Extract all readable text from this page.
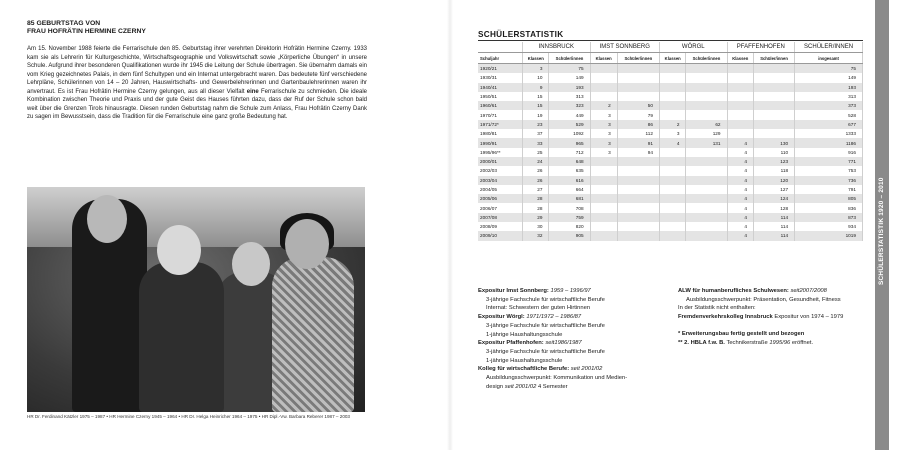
85 GEBURTSTAG VON
FRAU HOFRÄTIN HERMINE CZERNY
Am 15. November 1988 feierte die Ferrarischule den 85. Geburtstag ihrer verehrten Direktorin Hofrätin Hermine Czerny. 1933 kam sie als Lehrerin für Kulturgeschichte, Wirtschaftsgeographie und Volkswirtschaft sowie „Körperliche Übungen“ in unsere Schule. Aufgrund ihrer besonderen Qualifikationen wurde ihr 1945 die Leitung der Schule übertragen. Sie übernahm damals ein vom Krieg gezeichnetes Palais, in dem fünf Schultypen und ein Internat untergebracht waren. Das bedeutete fünf verschiedene Lehrpläne, Schülerinnen von 14 – 20 Jahren, Hauswirtschafts- und Gewerbelehrerinnen und Gartenbaulehrerinnen waren ihr anvertraut. Es ist Frau Hofrätin Hermine Czerny gelungen, aus all dieser Vielfalt eine Ferrarischule zu schmieden. Die ideale Kombination zwischen Theorie und Praxis und der gute Geist des Hauses führten dazu, dass der Ruf der Schule schon bald weit über die Grenzen Tirols hinausragte. Diesen runden Geburtstag nahm die Schule zum Anlass, Frau Hofrätin Czerny Dank zu sagen im Bewusstsein, dass die Tradition für die Ferrarischule eine ganz große Bedeutung hat.
HR Dr. Ferdinand Kätzler 1975 – 1987 • HR Hermine Czerny 1945 – 1964 • HR Dr. Helga Heinricher 1964 – 1975 • HR Dipl.-Vw. Barbara Reberer 1987 – 2003
SCHÜLERSTATISTIK
	INNSBRUCK		IMST SONNBERG		WÖRGL		PFAFFENHOFEN		SCHÜLER/INNEN
Schuljahr	Klassen	Schüler/innen	Klassen	Schüler/innen	Klassen	Schüler/innen	Klassen	Schüler/innen	insgesamt
1920/21	3	75							75
1930/31	10	149							149
1940/41	9	193							193
1950/51	15	313							313
1960/61	15	323	2	50					373
1970/71	19	449	3	79					528
1971/72*	23	529	3	86	2	62			677
1980/81	37	1092	3	112	3	129			1333
1990/91	33	965	3	91	4	131	4	130	1186
1995/96**	25	712	3	94			4	110	916
2000/01	24	648					4	123	771
2002/03	26	635					4	118	753
2003/04	26	616					4	120	736
2004/05	27	664					4	127	791
2005/06	28	681					4	124	805
2006/07	28	708					4	128	836
2007/08	29	759					4	114	873
2008/09	30	820					4	114	934
2009/10	32	905					4	114	1019
Expositur Imst Sonnberg: 1959 – 1996/97
3-jährige Fachschule für wirtschaftliche Berufe
Internat: Schwestern der guten Hirtinnen
Expositur Wörgl: 1971/1972 – 1986/87
3-jährige Fachschule für wirtschaftliche Berufe
1-jährige Haushaltungsschule
Expositur Pfaffenhofen: seit1986/1987
3-jährige Fachschule für wirtschaftliche Berufe
1-jährige Haushaltungsschule
Kolleg für wirtschaftliche Berufe: seit 2001/02
Ausbildungsschwerpunkt: Kommunikation und Medien-
design seit 2001/02 4 Semester
ALW für humanberufliches Schulwesen: seit2007/2008
Ausbildungsschwerpunkt: Präsentation, Gesundheit, Fitness
In der Statistik nicht enthalten:
Fremdenverkehrskolleg Innsbruck Expositur von 1974 – 1979
* Erweiterungsbau fertig gestellt und bezogen
** 2. HBLA f.w. B. Technikerstraße 1995/96 eröffnet.
SCHÜLERSTATISTIK 1920 – 2010
